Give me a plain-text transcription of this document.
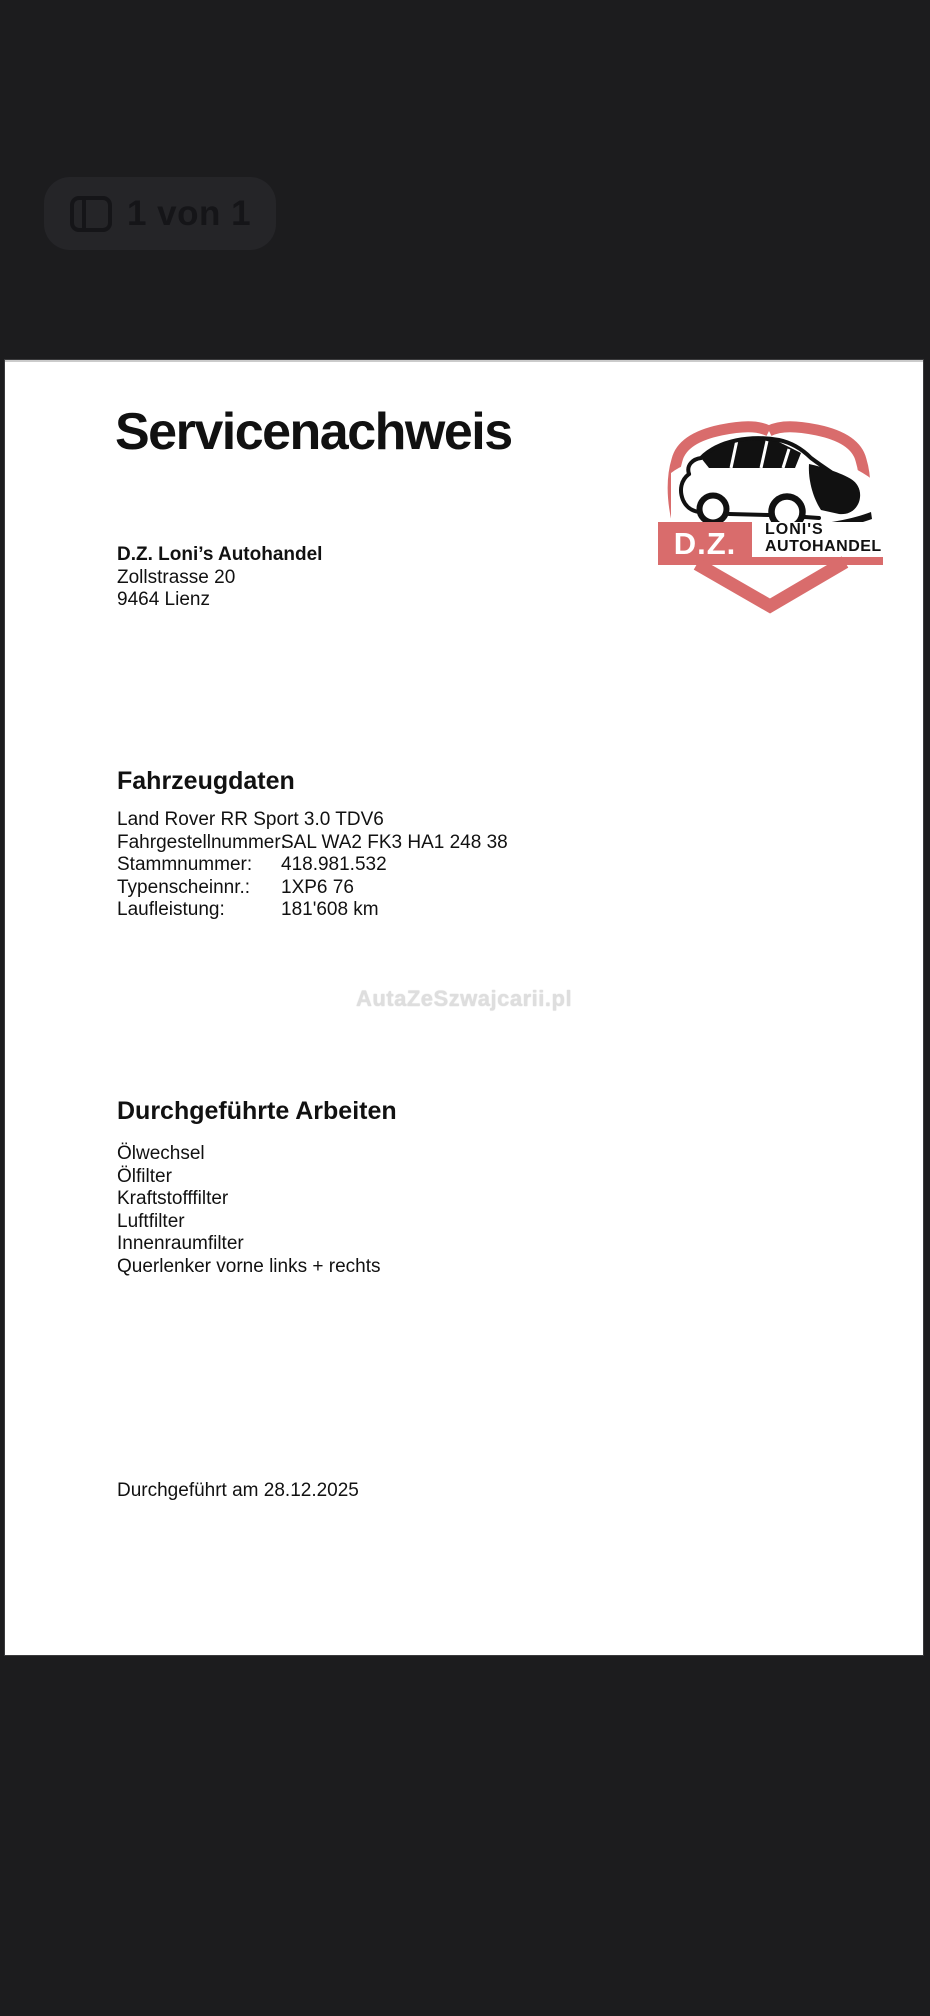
1 von 1
Servicenachweis
D.Z.	LONI'S
AUTOHANDEL
D.Z. Loni’s Autohandel
Zollstrasse 20
9464 Lienz
Fahrzeugdaten
Land Rover RR Sport 3.0 TDV6
Fahrgestellnummer:
SAL WA2 FK3 HA1 248 38
Stammnummer:	418.981.532
Typenscheinnr.:	1XP6 76
Laufleistung:	181'608 km
AutaZeSzwajcarii.pl
Durchgeführte Arbeiten
Ölwechsel
Ölfilter
Kraftstofffilter
Luftfilter
Innenraumfilter
Querlenker vorne links + rechts
Durchgeführt am 28.12.2025
